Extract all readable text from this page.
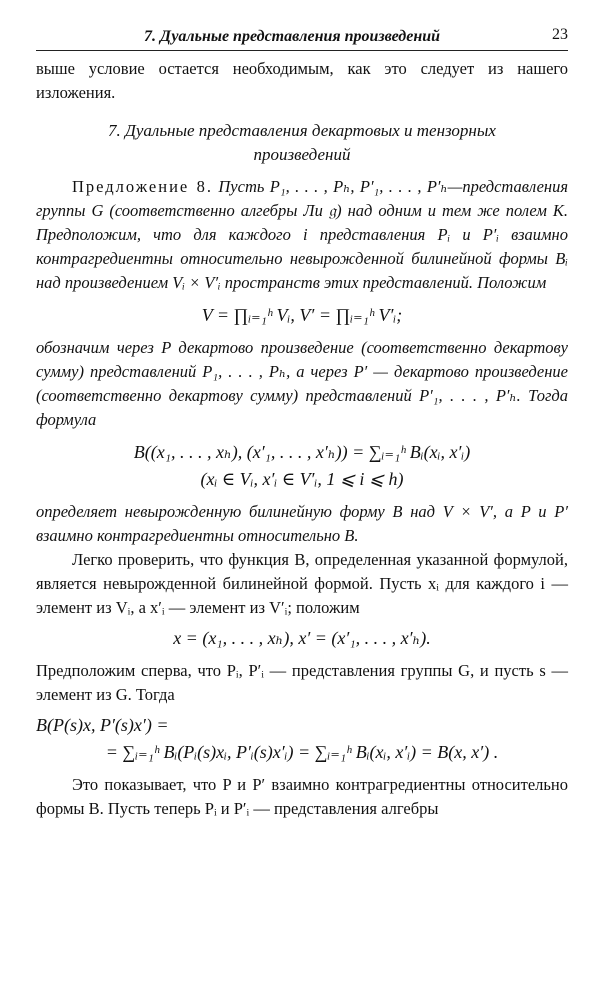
7. Дуальные представления произведений	23

выше условие остается необходимым, как это следует из нашего изложения.

7. Дуальные представления декартовых и тензорных

произведений

Предложение 8. Пусть P₁, . . . , Pₕ, P′₁, . . . , P′ₕ—представления группы G (соответственно алгебры Ли 𝔤) над одним и тем же полем K. Предположим, что для каждого i представления Pᵢ и P′ᵢ взаимно контрагредиентны относительно невырожденной билинейной формы Bᵢ над произведением Vᵢ × V′ᵢ пространств этих представлений. Положим

V = ∏ᵢ₌₁ʰ Vᵢ, V′ = ∏ᵢ₌₁ʰ V′ᵢ;

обозначим через P декартово произведение (соответственно декартову сумму) представлений P₁, . . . , Pₕ, а через P′ — декартово произведение (соответственно декартову сумму) представлений P′₁, . . . , P′ₕ. Тогда формула

B((x₁, . . . , xₕ), (x′₁, . . . , x′ₕ)) = ∑ᵢ₌₁ʰ Bᵢ(xᵢ, x′ᵢ)

(xᵢ ∈ Vᵢ, x′ᵢ ∈ V′ᵢ, 1 ⩽ i ⩽ h)

определяет невырожденную билинейную форму B над V × V′, а P и P′ взаимно контрагредиентны относительно B.

Легко проверить, что функция B, определенная указанной формулой, является невырожденной билинейной формой. Пусть xᵢ для каждого i — элемент из Vᵢ, а x′ᵢ — элемент из V′ᵢ; положим

x = (x₁, . . . , xₕ), x′ = (x′₁, . . . , x′ₕ).

Предположим сперва, что Pᵢ, P′ᵢ — представления группы G, и пусть s — элемент из G. Тогда

B(P(s)x, P′(s)x′) =

= ∑ᵢ₌₁ʰ Bᵢ(Pᵢ(s)xᵢ, P′ᵢ(s)x′ᵢ) = ∑ᵢ₌₁ʰ Bᵢ(xᵢ, x′ᵢ) = B(x, x′) .

Это показывает, что P и P′ взаимно контрагредиентны относительно формы B. Пусть теперь Pᵢ и P′ᵢ — представления алгебры
